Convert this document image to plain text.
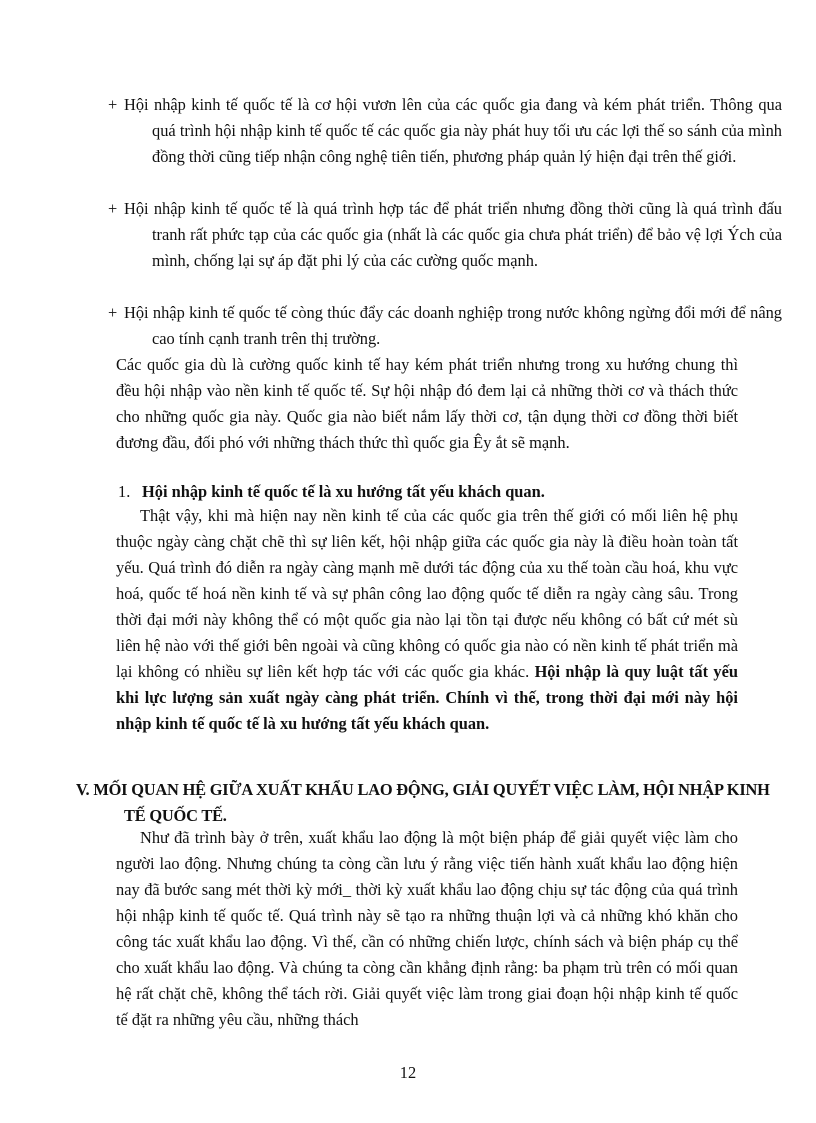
+ Hội nhập kinh tế quốc tế là cơ hội vươn lên của các quốc gia đang và kém phát triển. Thông qua quá trình hội nhập kinh tế quốc tế các quốc gia này phát huy tối ưu các lợi thế so sánh của mình đồng thời cũng tiếp nhận công nghệ tiên tiến, phương pháp quản lý hiện đại trên thế giới.
+ Hội nhập kinh tế quốc tế là quá trình hợp tác để phát triển nhưng đồng thời cũng là quá trình đấu tranh rất phức tạp của các quốc gia (nhất là các quốc gia chưa phát triển) để bảo vệ lợi Ých của mình, chống lại sự áp đặt phi lý của các cường quốc mạnh.
+ Hội nhập kinh tế quốc tế còng thúc đẩy các doanh nghiệp trong nước không ngừng đổi mới để nâng cao tính cạnh tranh trên thị trường.
Các quốc gia dù là cường quốc kinh tế hay kém phát triển nhưng trong xu hướng chung thì đều hội nhập vào nền kinh tế quốc tế. Sự hội nhập đó đem lại cả những thời cơ và thách thức cho những quốc gia này. Quốc gia nào biết nắm lấy thời cơ, tận dụng thời cơ đồng thời biết đương đầu, đối phó với những thách thức thì quốc gia Êy ắt sẽ mạnh.
1. Hội nhập kinh tế quốc tế là xu hướng tất yếu khách quan.
Thật vậy, khi mà hiện nay nền kinh tế của các quốc gia trên thế giới có mối liên hệ phụ thuộc ngày càng chặt chẽ thì sự liên kết, hội nhập giữa các quốc gia này là điều hoàn toàn tất yếu. Quá trình đó diễn ra ngày càng mạnh mẽ dưới tác động của xu thế toàn cầu hoá, khu vực hoá, quốc tế hoá nền kinh tế và sự phân công lao động quốc tế diễn ra ngày càng sâu. Trong thời đại mới này không thể có một quốc gia nào lại tồn tại được nếu không có bất cứ mét sù liên hệ nào với thế giới bên ngoài và cũng không có quốc gia nào có nền kinh tế phát triển mà lại không có nhiều sự liên kết hợp tác với các quốc gia khác. Hội nhập là quy luật tất yếu khi lực lượng sản xuất ngày càng phát triển. Chính vì thế, trong thời đại mới này hội nhập kinh tế quốc tế là xu hướng tất yếu khách quan.
V. MỐI QUAN HỆ GIỮA XUẤT KHẨU LAO ĐỘNG, GIẢI QUYẾT VIỆC LÀM, HỘI NHẬP KINH TẾ QUỐC TẾ.
Như đã trình bày ở trên, xuất khẩu lao động là một biện pháp để giải quyết việc làm cho người lao động. Nhưng chúng ta còng cần lưu ý rằng việc tiến hành xuất khẩu lao động hiện nay đã bước sang mét thời kỳ mới_ thời kỳ xuất khẩu lao động chịu sự tác động của quá trình hội nhập kinh tế quốc tế. Quá trình này sẽ tạo ra những thuận lợi và cả những khó khăn cho công tác xuất khẩu lao động. Vì thế, cần có những chiến lược, chính sách và biện pháp cụ thể cho xuất khẩu lao động. Và chúng ta còng cần khẳng định rằng: ba phạm trù trên có mối quan hệ rất chặt chẽ, không thể tách rời. Giải quyết việc làm trong giai đoạn hội nhập kinh tế quốc tế đặt ra những yêu cầu, những thách
12
